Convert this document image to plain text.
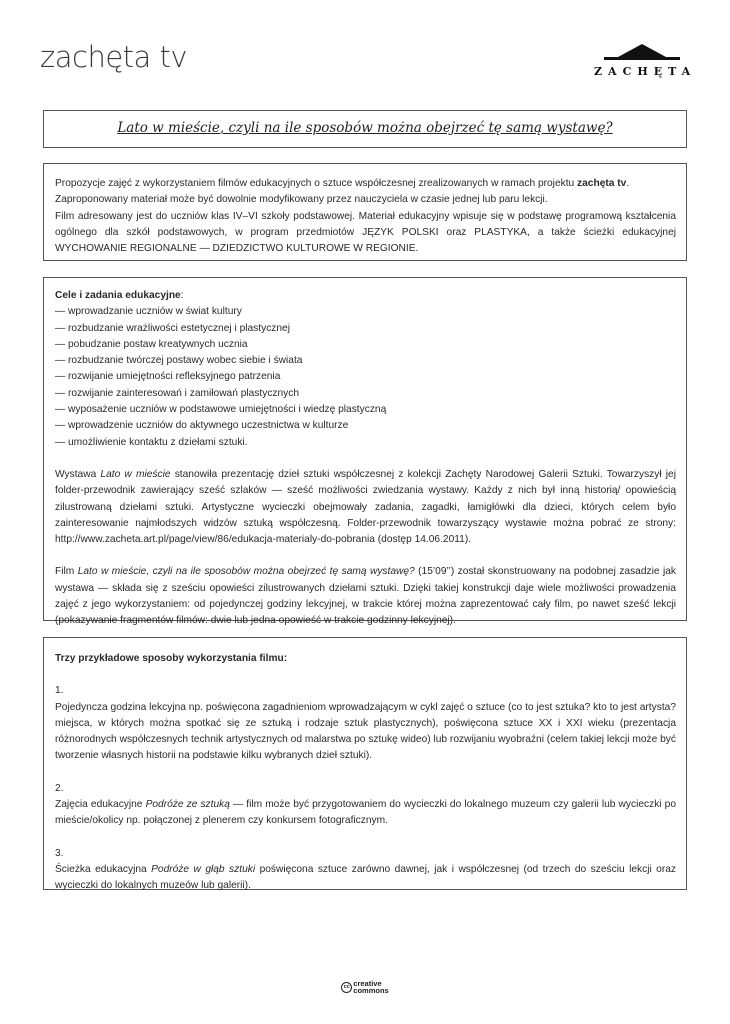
zachęta tv	ZACHĘTA
Lato w mieście, czyli na ile sposobów można obejrzeć tę samą wystawę?

Propozycje zajęć z wykorzystaniem filmów edukacyjnych o sztuce współczesnej zrealizowanych w ramach projektu zachęta tv.

Zaproponowany materiał może być dowolnie modyfikowany przez nauczyciela w czasie jednej lub paru lekcji.

Film adresowany jest do uczniów klas IV–VI szkoły podstawowej. Materiał edukacyjny wpisuje się w podstawę programową kształcenia ogólnego dla szkół podstawowych, w program przedmiotów JĘZYK POLSKI oraz PLASTYKA, a także ścieżki edukacyjnej WYCHOWANIE REGIONALNE — DZIEDZICTWO KULTUROWE W REGIONIE.

Cele i zadania edukacyjne:

— wprowadzanie uczniów w świat kultury
— rozbudzanie wrażliwości estetycznej i plastycznej
— pobudzanie postaw kreatywnych ucznia
— rozbudzanie twórczej postawy wobec siebie i świata
— rozwijanie umiejętności refleksyjnego patrzenia
— rozwijanie zainteresowań i zamiłowań plastycznych
— wyposażenie uczniów w podstawowe umiejętności i wiedzę plastyczną
— wprowadzenie uczniów do aktywnego uczestnictwa w kulturze
— umożliwienie kontaktu z dziełami sztuki.

Wystawa Lato w mieście stanowiła prezentację dzieł sztuki współczesnej z kolekcji Zachęty Narodowej Galerii Sztuki. Towarzyszył jej folder-przewodnik zawierający sześć szlaków — sześć możliwości zwiedzania wystawy. Każdy z nich był inną historią/ opowieścią zilustrowaną dziełami sztuki. Artystyczne wycieczki obejmowały zadania, zagadki, łamigłówki dla dzieci, których celem było zainteresowanie najmłodszych widzów sztuką współczesną. Folder-przewodnik towarzyszący wystawie można pobrać ze strony: http://www.zacheta.art.pl/page/view/86/edukacja-materialy-do-pobrania (dostęp 14.06.2011).

Film Lato w mieście, czyli na ile sposobów można obejrzeć tę samą wystawę? (15’09’’) został skonstruowany na podobnej zasadzie jak wystawa — składa się z sześciu opowieści zilustrowanych dziełami sztuki. Dzięki takiej konstrukcji daje wiele możliwości prowadzenia zajęć z jego wykorzystaniem: od pojedynczej godziny lekcyjnej, w trakcie której można zaprezentować cały film, po nawet sześć lekcji (pokazywanie fragmentów filmów: dwie lub jedna opowieść w trakcie godzinny lekcyjnej).

Trzy przykładowe sposoby wykorzystania filmu:

1.

Pojedyncza godzina lekcyjna np. poświęcona zagadnieniom wprowadzającym w cykl zajęć o sztuce (co to jest sztuka? kto to jest artysta? miejsca, w których można spotkać się ze sztuką i rodzaje sztuk plastycznych), poświęcona sztuce XX i XXI wieku (prezentacja różnorodnych współczesnych technik artystycznych od malarstwa po sztukę wideo) lub rozwijaniu wyobraźni (celem takiej lekcji może być tworzenie własnych historii na podstawie kilku wybranych dzieł sztuki).

2.

Zajęcia edukacyjne Podróże ze sztuką — film może być przygotowaniem do wycieczki do lokalnego muzeum czy galerii lub wycieczki po mieście/okolicy np. połączonej z plenerem czy konkursem fotograficznym.

3.

Ścieżka edukacyjna Podróże w głąb sztuki poświęcona sztuce zarówno dawnej, jak i współczesnej (od trzech do sześciu lekcji oraz wycieczki do lokalnych muzeów lub galerii).

cc creative
commons
